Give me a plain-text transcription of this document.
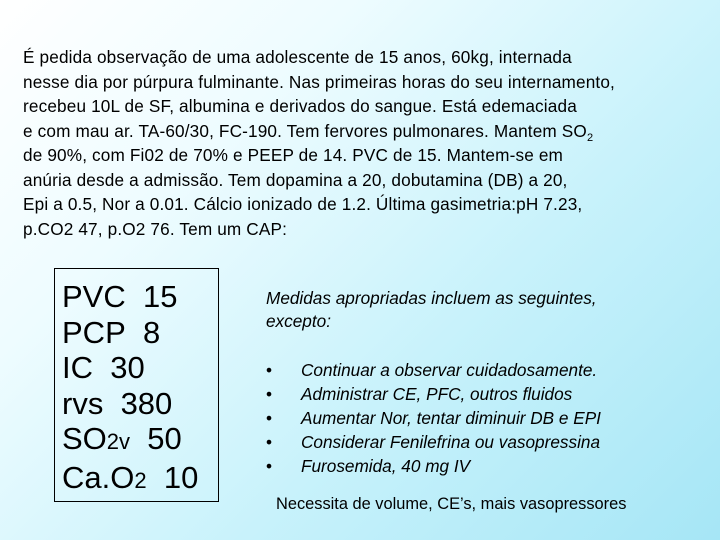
É pedida observação de uma adolescente de 15 anos, 60kg, internada
nesse dia por púrpura fulminante. Nas primeiras horas do seu internamento,
recebeu 10L de SF, albumina e derivados do sangue. Está edemaciada
e com mau ar. TA-60/30, FC-190. Tem fervores pulmonares. Mantem $SO_2$
de 90%, com Fi02 de 70% e PEEP de 14. PVC de 15. Mantem-se em
anúria desde a admissão. Tem dopamina a 20, dobutamina (DB) a 20,
Epi a 0.5, Nor a 0.01. Cálcio ionizado de 1.2. Última gasimetria:pH 7.23,
p.CO2 47, p.O2 76. Tem um CAP:
PVC 15
PCP 8
IC 30
rvs 380
SO2v 50
Ca.O2 10
Medidas apropriadas incluem as seguintes,
excepto:
• Continuar a observar cuidadosamente.
• Administrar CE, PFC, outros fluidos
• Aumentar Nor, tentar diminuir DB e EPI
• Considerar Fenilefrina ou vasopressina
• Furosemida, 40 mg IV
Necessita de volume, CE’s, mais vasopressores
